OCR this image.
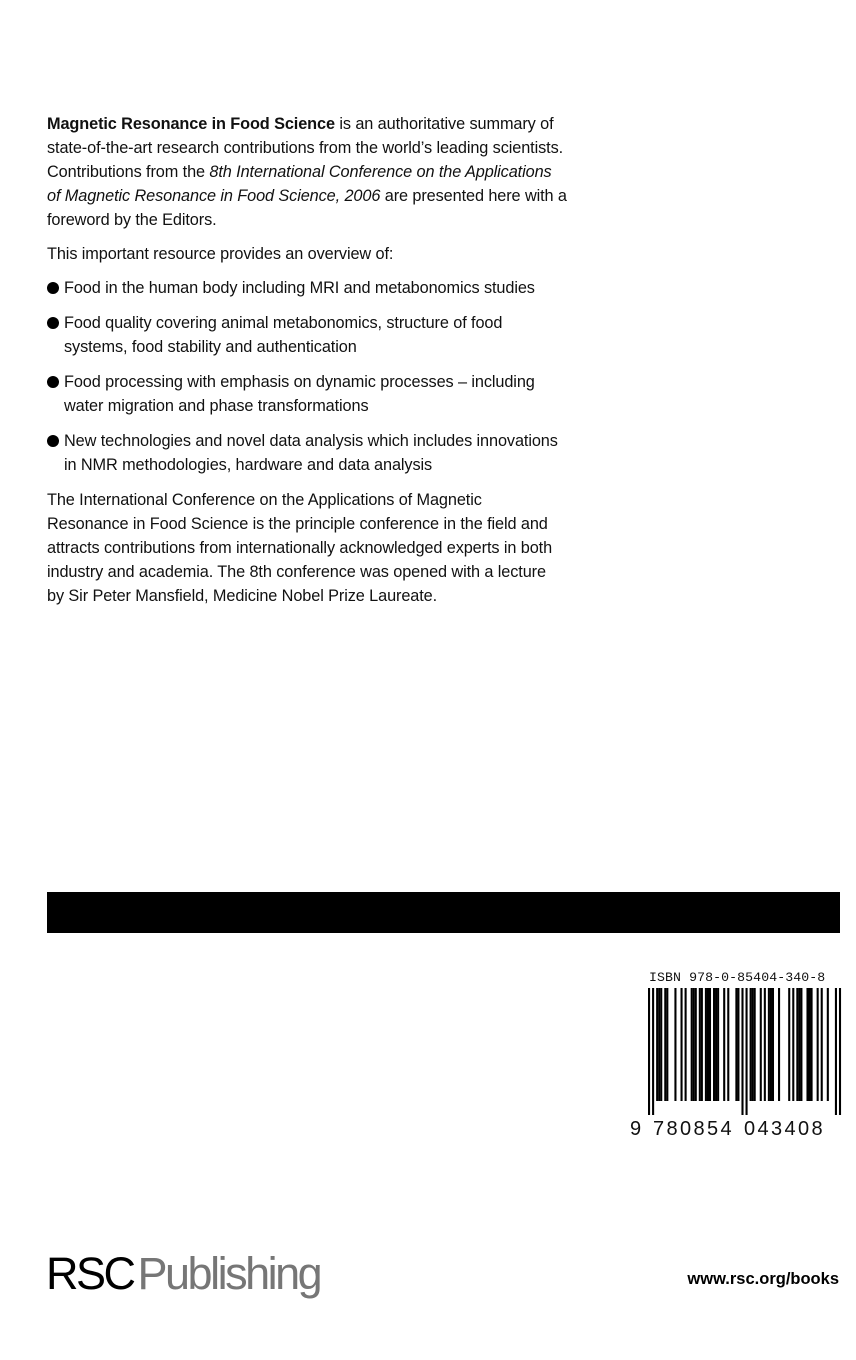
Magnetic Resonance in Food Science is an authoritative summary of state-of-the-art research contributions from the world’s leading scientists. Contributions from the 8th International Conference on the Applications of Magnetic Resonance in Food Science, 2006 are presented here with a foreword by the Editors.

This important resource provides an overview of:

Food in the human body including MRI and metabonomics studies
Food quality covering animal metabonomics, structure of food systems, food stability and authentication
Food processing with emphasis on dynamic processes – including water migration and phase transformations
New technologies and novel data analysis which includes innovations in NMR methodologies, hardware and data analysis

The International Conference on the Applications of Magnetic Resonance in Food Science is the principle conference in the field and attracts contributions from internationally acknowledged experts in both industry and academia. The 8th conference was opened with a lecture by Sir Peter Mansfield, Medicine Nobel Prize Laureate.

ISBN 978-0-85404-340-8
9 7 8 0 8 5 4 0 4 3 4 0 8
RSCPublishing	www.rsc.org/books
